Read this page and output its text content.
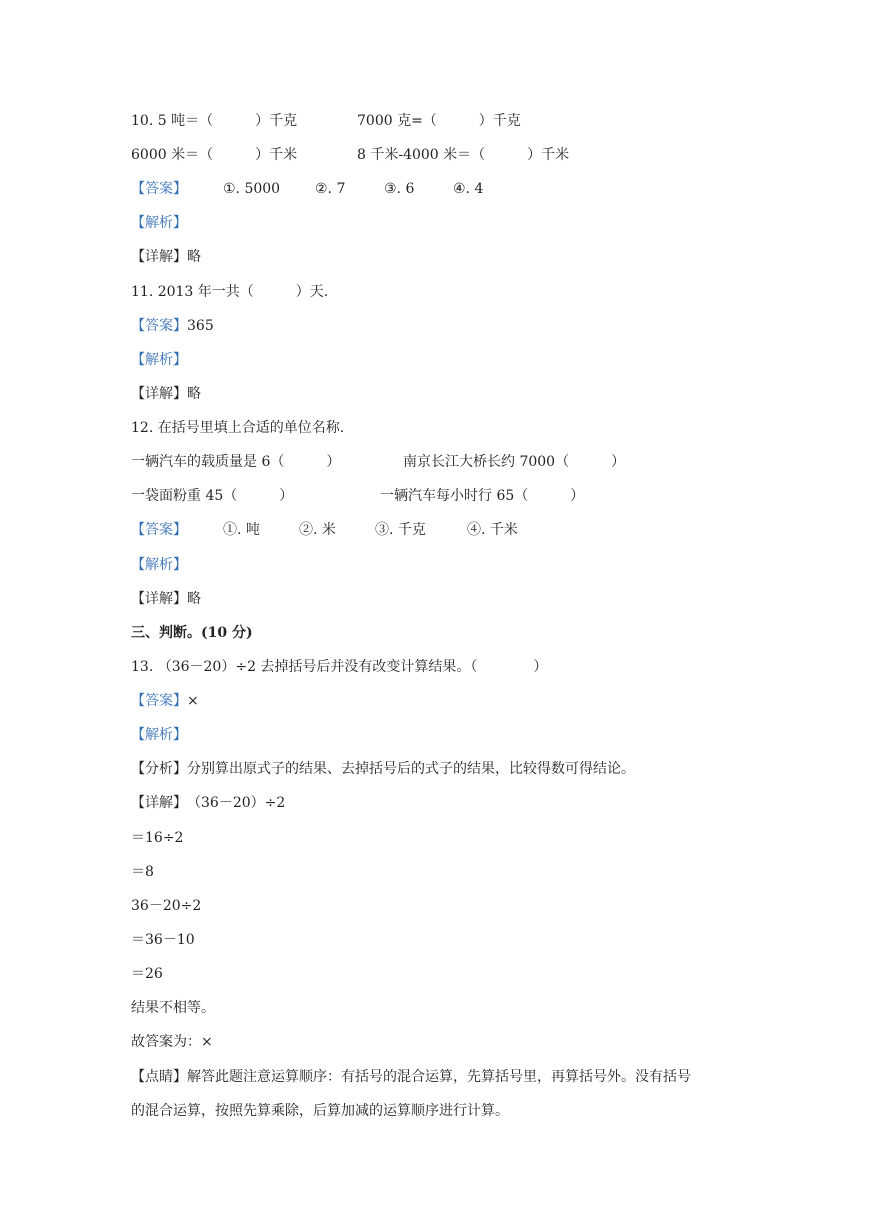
10. 5 吨＝（　　　）千克	7000 克=（　　　）千克
6000 米＝（　　　）千米	8 千米-4000 米＝（　　　）千米
【答案】	①. 5000 ②. 7	③. 6	④. 4
【解析】
【详解】略
11. 2013 年一共（　　　）天.
【答案】 365
【解析】
【详解】略
12. 在括号里填上合适的单位名称.
一辆汽车的载质量是 6（　　　）	南京长江大桥长约 7000（　　　）
一袋面粉重 45（　　　）	一辆汽车每小时行 65（　　　）
【答案】	①. 吨	②. 米	③. 千克	④. 千米
【解析】
【详解】略
三、判断。(10 分)
13. （36－20）÷2 去掉括号后并没有改变计算结果。（　　　　）
【答案】 ×
【解析】
【分析】分别算出原式子的结果、去掉括号后的式子的结果，比较得数可得结论。
【详解】 （36－20）÷2
＝16÷2
＝8
36－20÷2
＝36－10
＝26
结果不相等。
故答案为：×
【点睛】解答此题注意运算顺序：有括号的混合运算，先算括号里，再算括号外。没有括号
的混合运算，按照先算乘除，后算加减的运算顺序进行计算。
